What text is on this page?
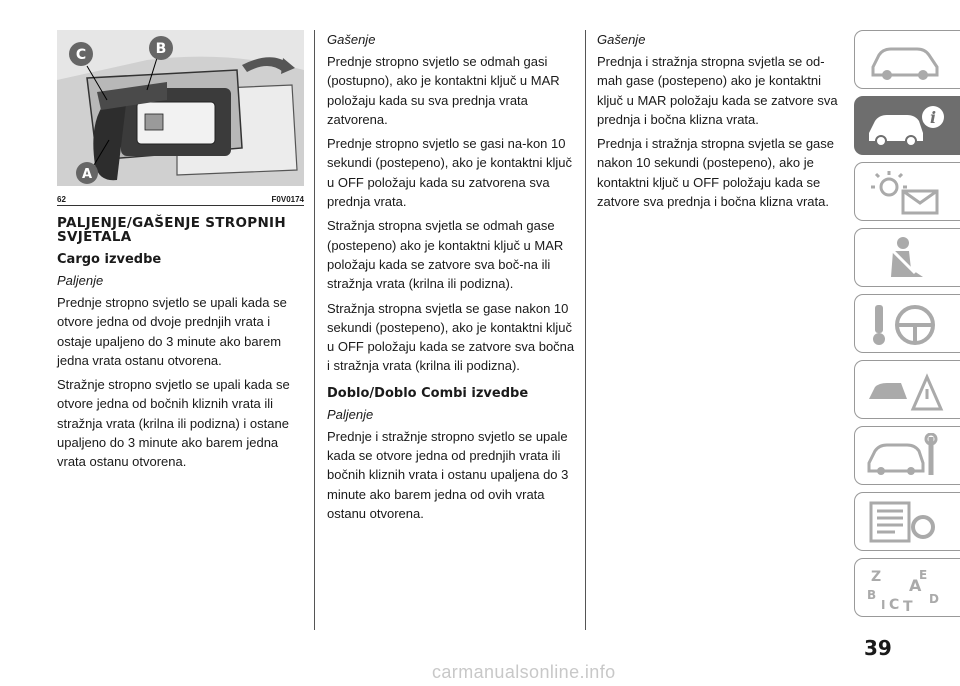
C	B
A
62	F0V0174
PALJENJE/GAŠENJE STROPNIH SVJETALA
Cargo izvedbe
Paljenje

Prednje stropno svjetlo se upali kada se otvore jedna od dvoje prednjih vrata i ostaje upaljeno do 3 minute ako barem jedna vrata ostanu otvorena.

Stražnje stropno svjetlo se upali kada se otvore jedna od bočnih kliznih vrata ili stražnja vrata (krilna ili podizna) i ostane upaljeno do 3 minute ako barem jedna vrata ostanu otvorena.

Gašenje

Prednje stropno svjetlo se odmah gasi (postupno), ako je kontaktni ključ u MAR položaju kada su sva prednja vrata zatvorena.

Prednje stropno svjetlo se gasi na-kon 10 sekundi (postepeno), ako je kontaktni ključ u OFF položaju kada su zatvorena sva prednja vrata.

Stražnja stropna svjetla se odmah gase (postepeno) ako je kontaktni ključ u MAR položaju kada se zatvore sva boč-na ili stražnja vrata (krilna ili podizna).

Stražnja stropna svjetla se gase nakon 10 sekundi (postepeno), ako je kontaktni ključ u OFF položaju kada se zatvore sva bočna i stražnja vrata (krilna ili podizna).

Doblo/Doblo Combi izvedbe
Paljenje

Prednje i stražnje stropno svjetlo se upale kada se otvore jedna od prednjih vrata ili bočnih kliznih vrata i ostanu upaljena do 3 minute ako barem jedna od ovih vrata ostanu otvorena.

Gašenje

Prednja i stražnja stropna svjetla se od-mah gase (postepeno) ako je kontaktni ključ u MAR položaju kada se zatvore sva prednja i bočna klizna vrata.

Prednja i stražnja stropna svjetla se gase nakon 10 sekundi (postepeno), ako je kontaktni ključ u OFF položaju kada se zatvore sva prednja i bočna klizna vrata.

i
Z	E
A
B	D
I C T
39
carmanualsonline.info
